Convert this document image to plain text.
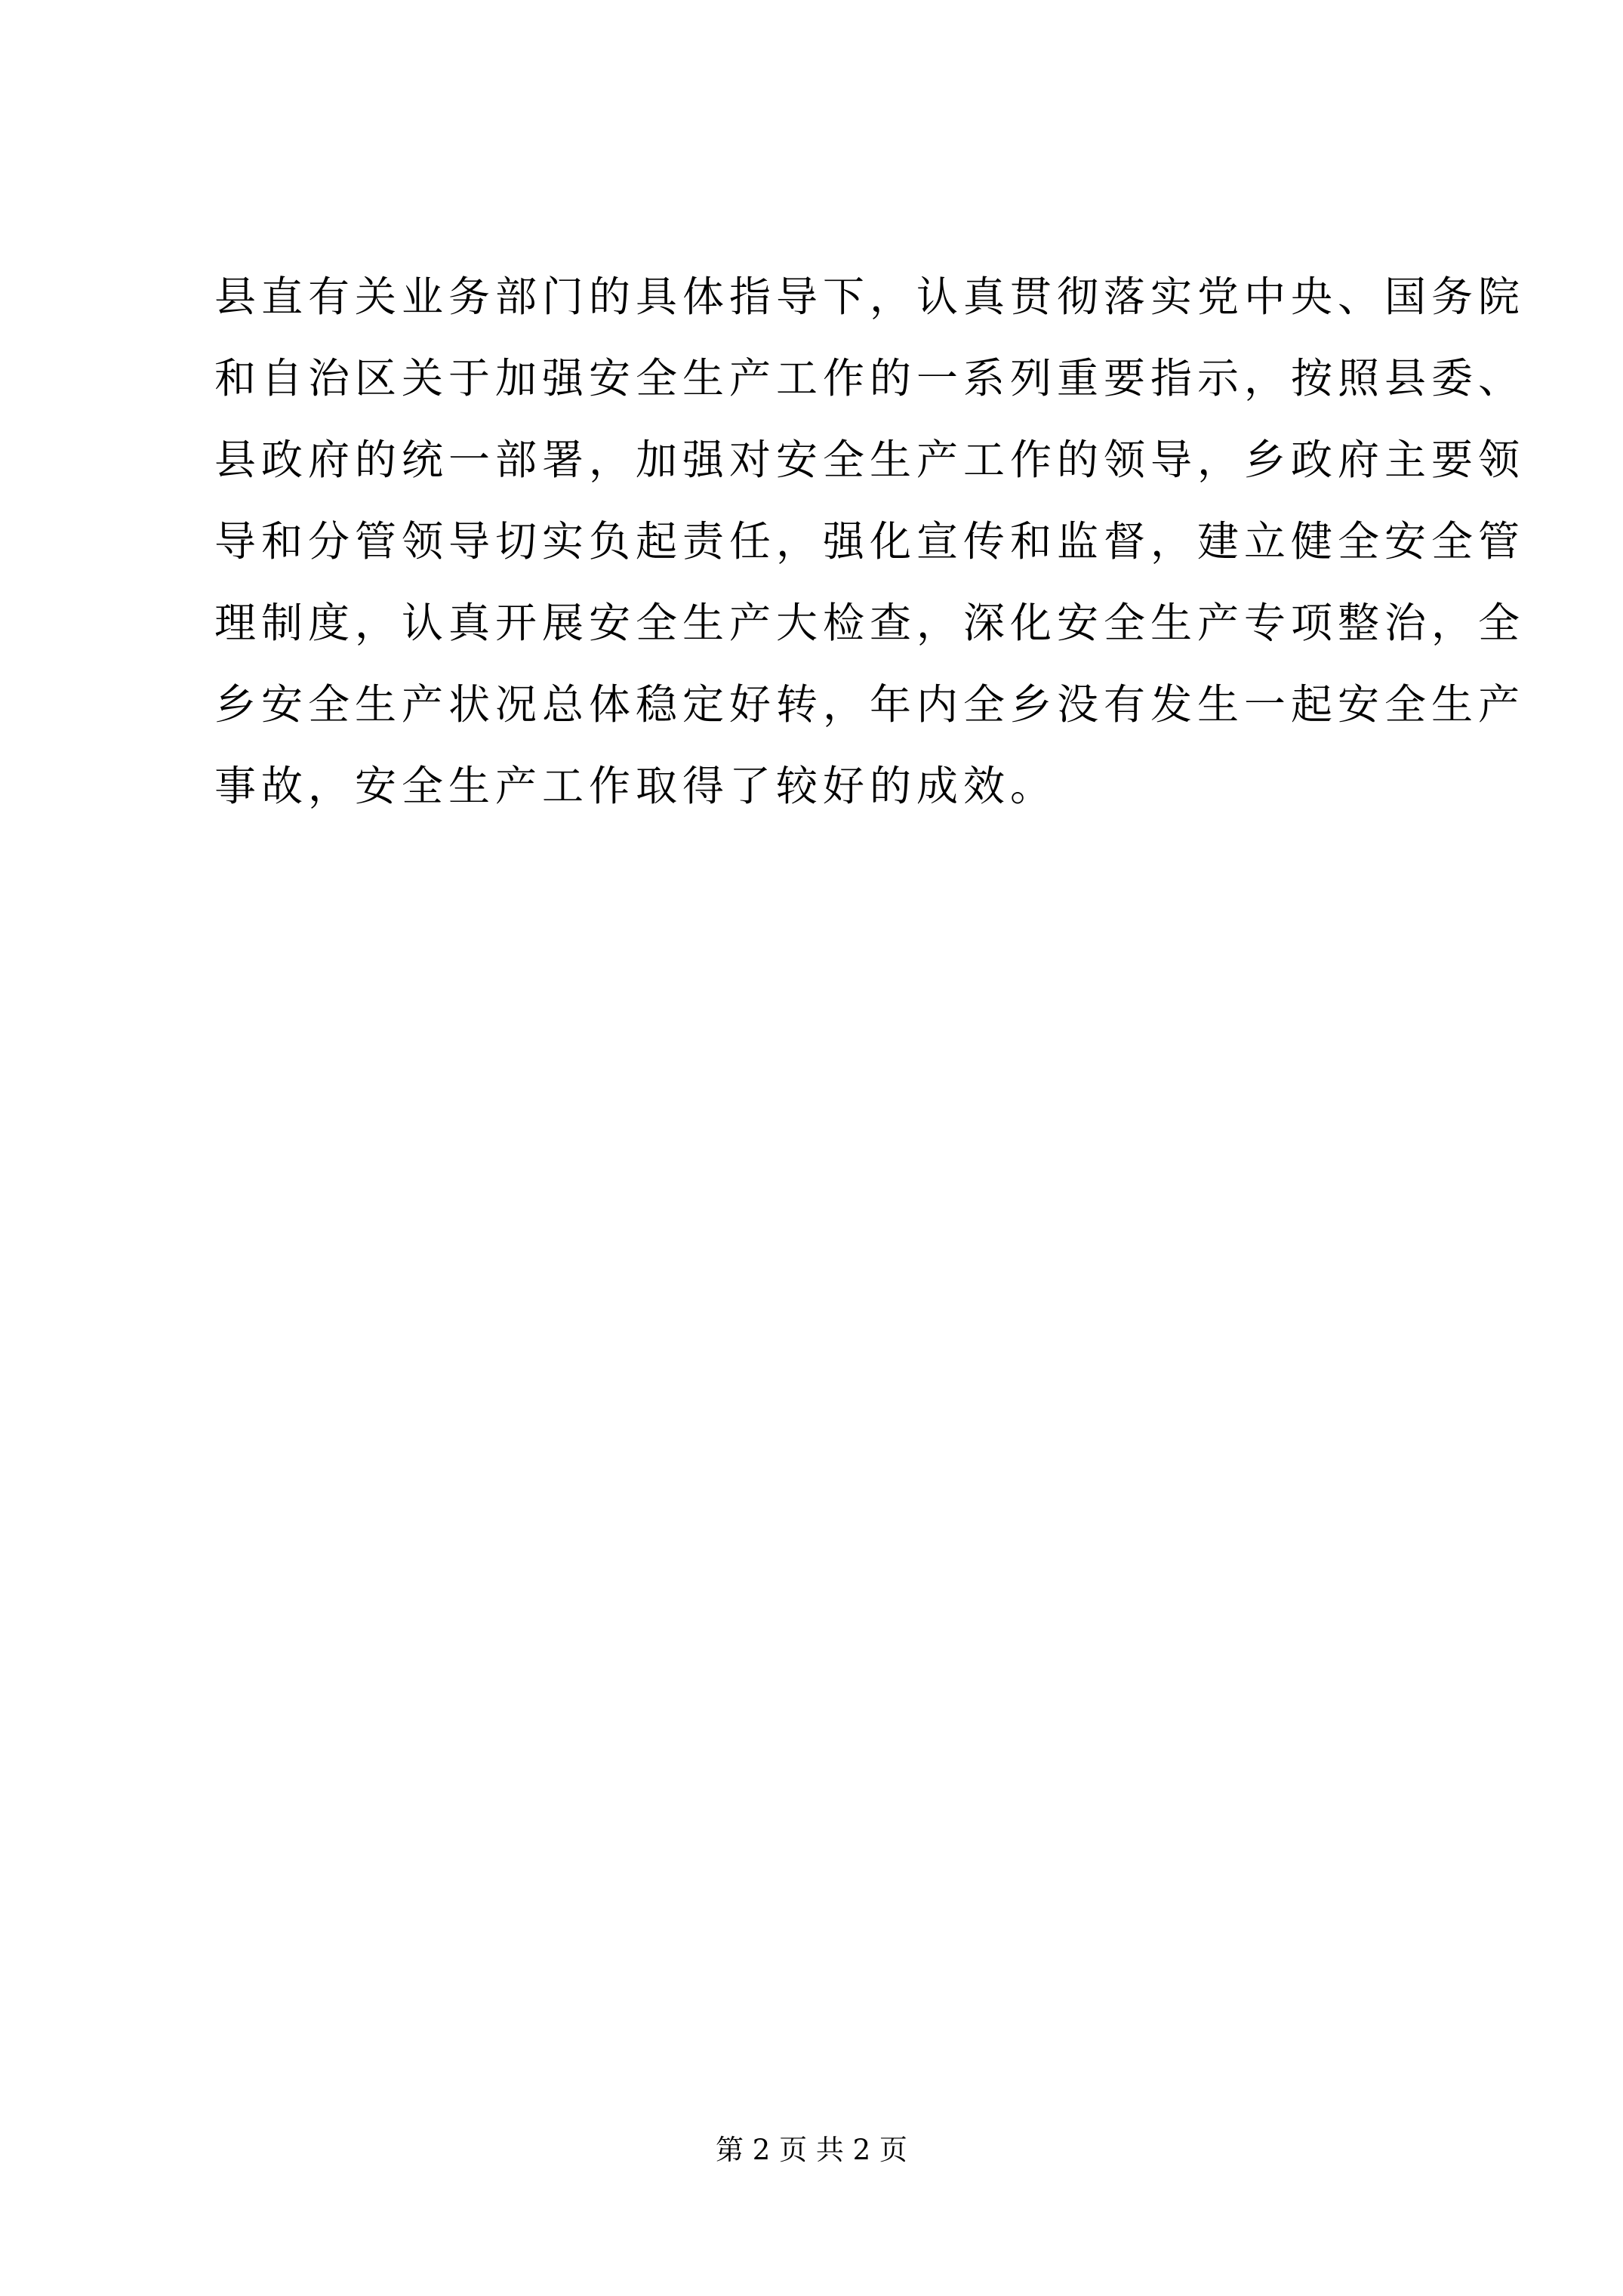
县直有关业务部门的具体指导下，认真贯彻落实党中央、国务院
和自治区关于加强安全生产工作的一系列重要指示，按照县委、
县政府的统一部署，加强对安全生产工作的领导，乡政府主要领
导和分管领导切实负起责任，强化宣传和监督，建立健全安全管
理制度，认真开展安全生产大检查，深化安全生产专项整治，全
乡安全生产状况总体稳定好转，年内全乡没有发生一起安全生产
事故，安全生产工作取得了较好的成效。
第 2 页 共 2 页
